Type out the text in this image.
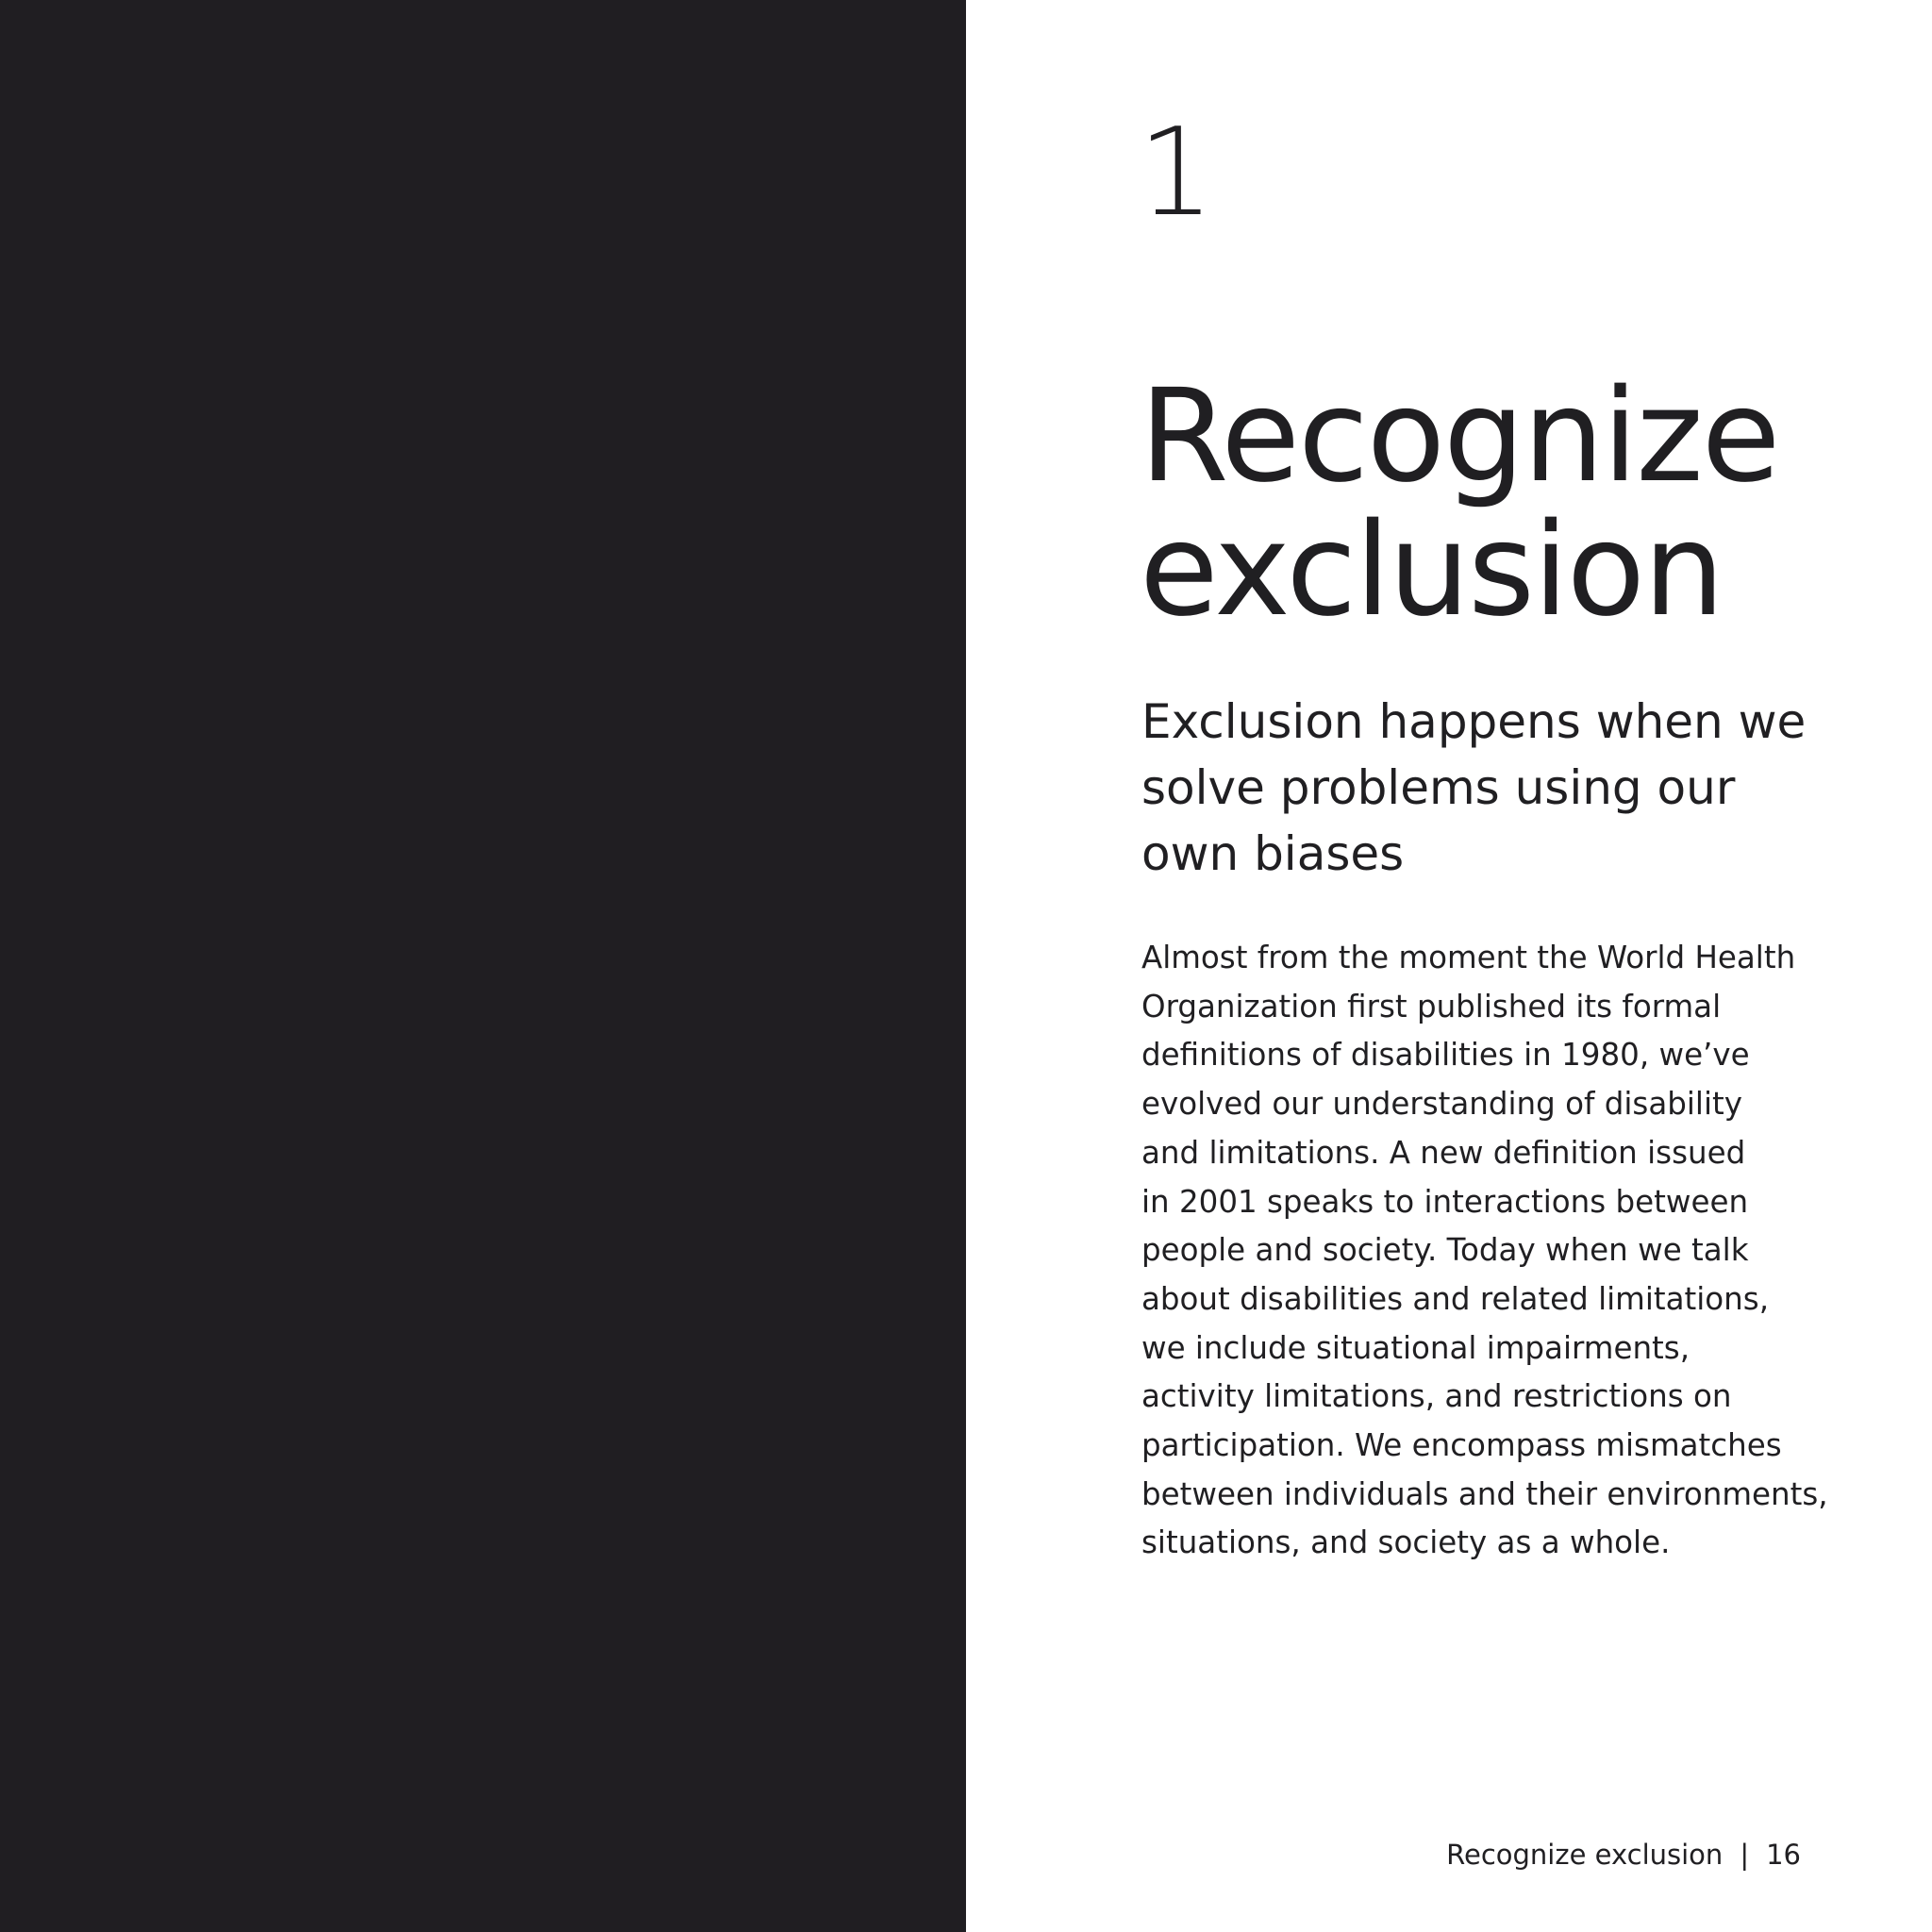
1
Recognize
exclusion
Exclusion happens when we
solve problems using our
own biases

Almost from the moment the World Health
Organization first published its formal
definitions of disabilities in 1980, we’ve
evolved our understanding of disability
and limitations. A new definition issued
in 2001 speaks to interactions between
people and society. Today when we talk
about disabilities and related limitations,
we include situational impairments,
activity limitations, and restrictions on
participation. We encompass mismatches
between individuals and their environments,
situations, and society as a whole.

Recognize exclusion | 16
